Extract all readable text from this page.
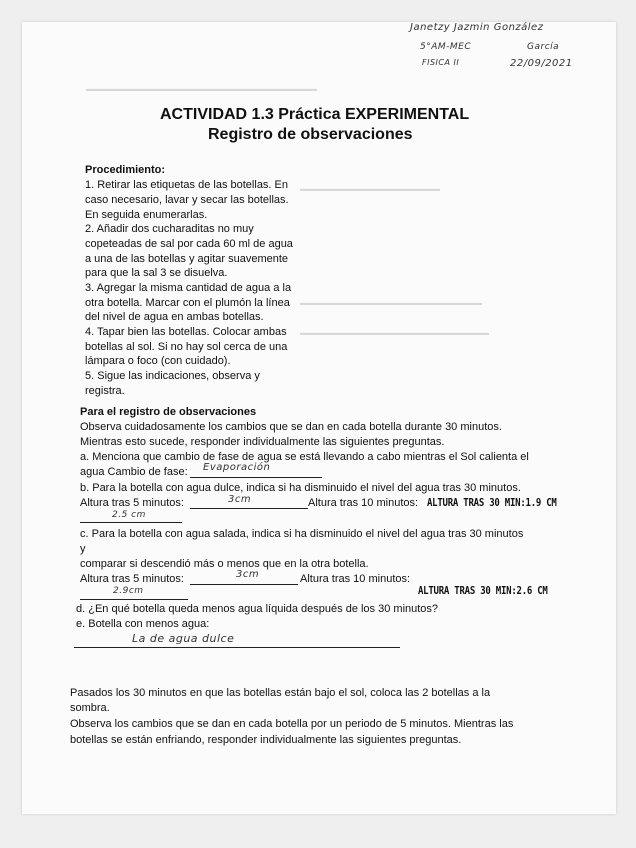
▬▬▬▬▬▬▬▬▬▬▬▬▬▬▬▬▬▬▬▬▬▬▬▬▬▬▬▬▬▬▬▬▬
▬▬▬▬▬▬▬▬▬▬▬▬▬▬▬▬▬▬▬▬
▬▬▬▬▬▬▬▬▬▬▬▬▬▬▬▬▬▬▬▬▬▬▬▬▬▬
▬▬▬▬▬▬▬▬▬▬▬▬▬▬▬▬▬▬▬▬▬▬▬▬▬▬▬
Janetzy Jazmin González
5°AM-MEC	García
FISICA II	22/09/2021
ACTIVIDAD 1.3 Práctica EXPERIMENTAL
Registro de observaciones
Procedimiento:
1. Retirar las etiquetas de las botellas. En
caso necesario, lavar y secar las botellas.
En seguida enumerarlas.
2. Añadir dos cucharaditas no muy
copeteadas de sal por cada 60 ml de agua
a una de las botellas y agitar suavemente
para que la sal 3 se disuelva.
3. Agregar la misma cantidad de agua a la
otra botella. Marcar con el plumón la línea
del nivel de agua en ambas botellas.
4. Tapar bien las botellas. Colocar ambas
botellas al sol. Si no hay sol cerca de una
lámpara o foco (con cuidado).
5. Sigue las indicaciones, observa y
registra.
Para el registro de observaciones
Observa cuidadosamente los cambios que se dan en cada botella durante 30 minutos.
Mientras esto sucede, responder individualmente las siguientes preguntas.
a. Menciona que cambio de fase de agua se está llevando a cabo mientras el Sol calienta el
agua Cambio de fase: Evaporación
b. Para la botella con agua dulce, indica si ha disminuido el nivel del agua tras 30 minutos.
Altura tras 5 minutos:	3cm	Altura tras 10 minutos: ALTURA TRAS 30 MIN:1.9 CM
2.5 cm
c. Para la botella con agua salada, indica si ha disminuido el nivel del agua tras 30 minutos
y
comparar si descendió más o menos que en la otra botella.
Altura tras 5 minutos:	3cm	Altura tras 10 minutos:
ALTURA TRAS 30 MIN:2.6 CM
2.9cm
d. ¿En qué botella queda menos agua líquida después de los 30 minutos?
e. Botella con menos agua:
La de agua dulce
Pasados los 30 minutos en que las botellas están bajo el sol, coloca las 2 botellas a la
sombra.
Observa los cambios que se dan en cada botella por un periodo de 5 minutos. Mientras las
botellas se están enfriando, responder individualmente las siguientes preguntas.
